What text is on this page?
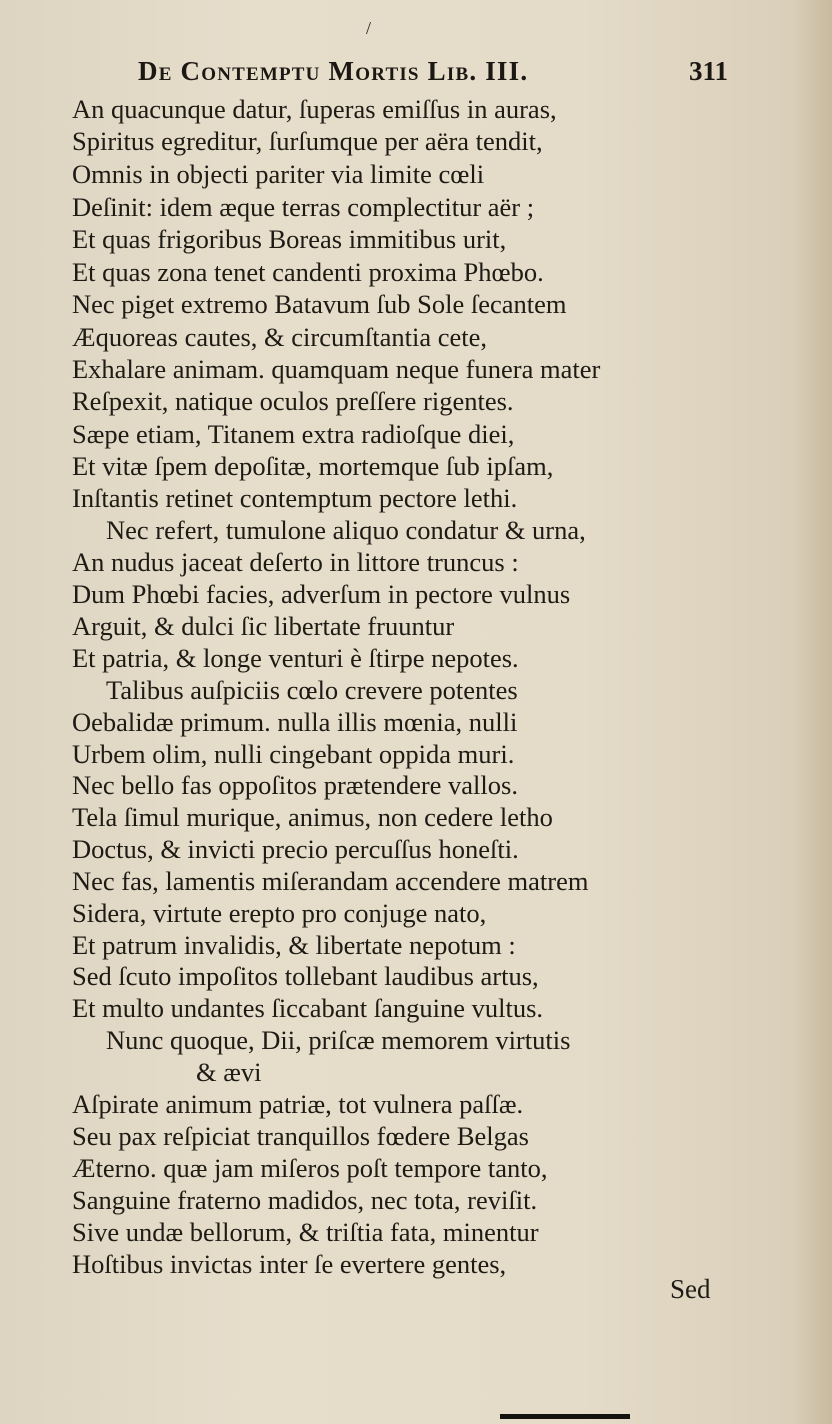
/
De Contemptu Mortis Lib. III.	311
An quacunque datur, ſuperas emiſſus in auras,
Spiritus egreditur, ſurſumque per aëra tendit,
Omnis in objecti pariter via limite cœli
Deſinit: idem æque terras complectitur aër ;
Et quas frigoribus Boreas immitibus urit,
Et quas zona tenet candenti proxima Phœbo.
Nec piget extremo Batavum ſub Sole ſecantem
Æquoreas cautes, & circumſtantia cete,
Exhalare animam. quamquam neque funera mater
Reſpexit, natique oculos preſſere rigentes.
Sæpe etiam, Titanem extra radioſque diei,
Et vitæ ſpem depoſitæ, mortemque ſub ipſam,
Inſtantis retinet contemptum pectore lethi.
Nec refert, tumulone aliquo condatur & urna,
An nudus jaceat deſerto in littore truncus :
Dum Phœbi facies, adverſum in pectore vulnus
Arguit, & dulci ſic libertate fruuntur
Et patria, & longe venturi è ſtirpe nepotes.
Talibus auſpiciis cœlo crevere potentes
Oebalidæ primum. nulla illis mœnia, nulli
Urbem olim, nulli cingebant oppida muri.
Nec bello fas oppoſitos prætendere vallos.
Tela ſimul murique, animus, non cedere letho
Doctus, & invicti precio percuſſus honeſti.
Nec fas, lamentis miſerandam accendere matrem
Sidera, virtute erepto pro conjuge nato,
Et patrum invalidis, & libertate nepotum :
Sed ſcuto impoſitos tollebant laudibus artus,
Et multo undantes ſiccabant ſanguine vultus.
Nunc quoque, Dii, priſcæ memorem virtutis
& ævi
Aſpirate animum patriæ, tot vulnera paſſæ.
Seu pax reſpiciat tranquillos fœdere Belgas
Æterno. quæ jam miſeros poſt tempore tanto,
Sanguine fraterno madidos, nec tota, reviſit.
Sive undæ bellorum, & triſtia fata, minentur
Hoſtibus invictas inter ſe evertere gentes,
Sed
